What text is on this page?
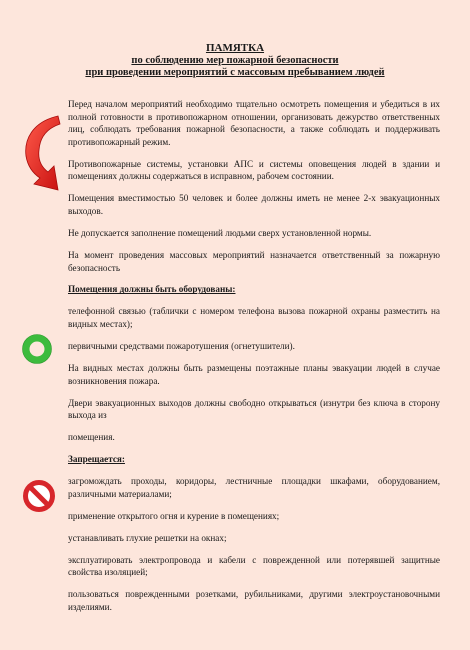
ПАМЯТКА
по соблюдению мер пожарной безопасности
при проведении мероприятий с массовым пребыванием людей

Перед началом мероприятий необходимо тщательно осмотреть помещения и убедиться в их полной готовности в противопожарном отношении, организовать дежурство ответственных лиц, соблюдать требования пожарной безопасности, а также соблюдать и поддерживать противопожарный режим.

Противопожарные системы, установки АПС и системы оповещения людей в здании и помещениях должны содержаться в исправном, рабочем состоянии.

Помещения вместимостью 50 человек и более должны иметь не менее 2-х эвакуационных выходов.

Не допускается заполнение помещений людьми сверх установленной нормы.

На момент проведения массовых мероприятий назначается ответственный за пожарную безопасность

Помещения должны быть оборудованы:

телефонной связью (таблички с номером телефона вызова пожарной охраны разместить на видных местах);

первичными средствами пожаротушения (огнетушители).

На видных местах должны быть размещены поэтажные планы эвакуации людей в случае возникновения пожара.

Двери эвакуационных выходов должны свободно открываться (изнутри без ключа в сторону выхода из

помещения.

Запрещается:

загромождать проходы, коридоры, лестничные площадки шкафами, оборудованием, различными материалами;

применение открытого огня и курение в помещениях;

устанавливать глухие решетки на окнах;

эксплуатировать электропровода и кабели с поврежденной или потерявшей защитные свойства изоляцией;

пользоваться поврежденными розетками, рубильниками, другими электроустановочными изделиями.
